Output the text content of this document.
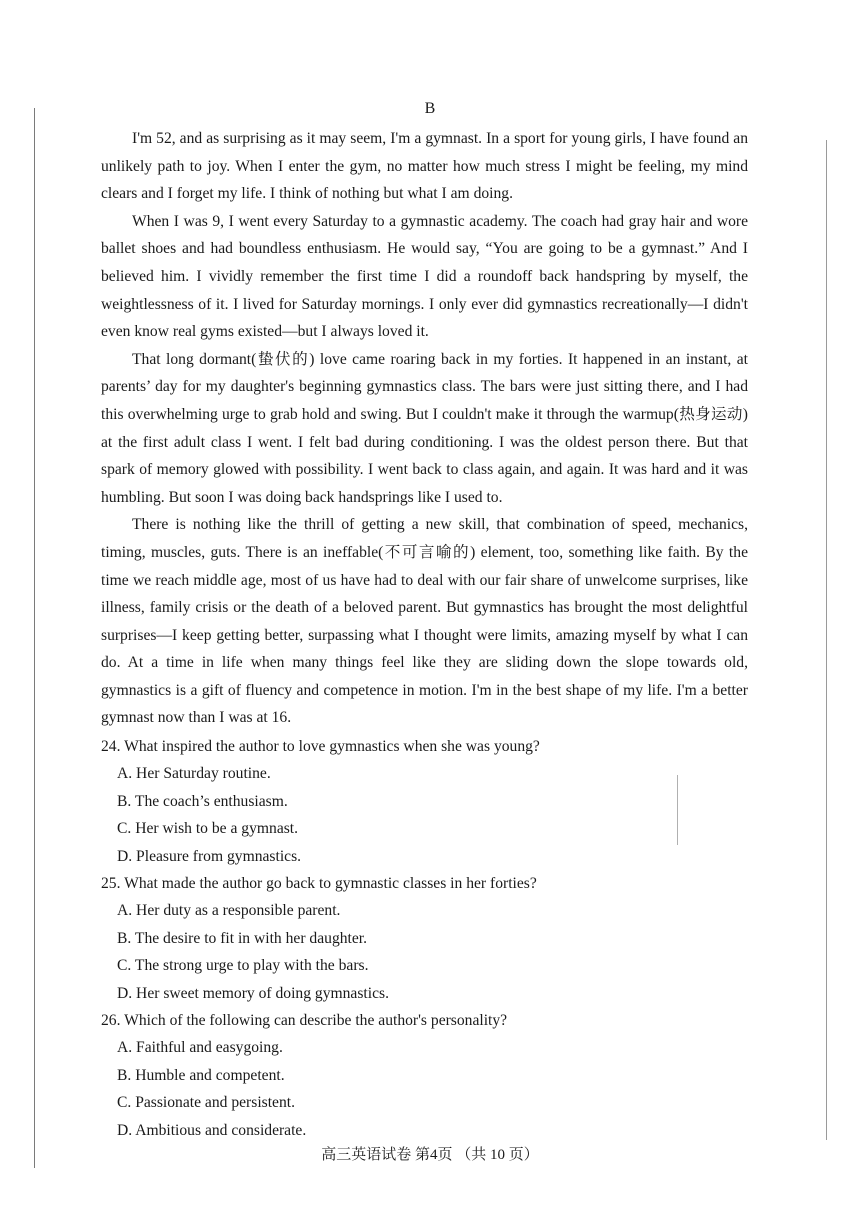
B

I'm 52, and as surprising as it may seem, I'm a gymnast. In a sport for young girls, I have found an unlikely path to joy. When I enter the gym, no matter how much stress I might be feeling, my mind clears and I forget my life. I think of nothing but what I am doing.

When I was 9, I went every Saturday to a gymnastic academy. The coach had gray hair and wore ballet shoes and had boundless enthusiasm. He would say, “You are going to be a gymnast.” And I believed him. I vividly remember the first time I did a roundoff back handspring by myself, the weightlessness of it. I lived for Saturday mornings. I only ever did gymnastics recreationally—I didn't even know real gyms existed—but I always loved it.

That long dormant(蛰伏的) love came roaring back in my forties. It happened in an instant, at parents’ day for my daughter's beginning gymnastics class. The bars were just sitting there, and I had this overwhelming urge to grab hold and swing. But I couldn't make it through the warmup(热身运动) at the first adult class I went. I felt bad during conditioning. I was the oldest person there. But that spark of memory glowed with possibility. I went back to class again, and again. It was hard and it was humbling. But soon I was doing back handsprings like I used to.

There is nothing like the thrill of getting a new skill, that combination of speed, mechanics, timing, muscles, guts. There is an ineffable(不可言喻的) element, too, something like faith. By the time we reach middle age, most of us have had to deal with our fair share of unwelcome surprises, like illness, family crisis or the death of a beloved parent. But gymnastics has brought the most delightful surprises—I keep getting better, surpassing what I thought were limits, amazing myself by what I can do. At a time in life when many things feel like they are sliding down the slope towards old, gymnastics is a gift of fluency and competence in motion. I'm in the best shape of my life. I'm a better gymnast now than I was at 16.

24. What inspired the author to love gymnastics when she was young?
A. Her Saturday routine.
B. The coach’s enthusiasm.
C. Her wish to be a gymnast.
D. Pleasure from gymnastics.
25. What made the author go back to gymnastic classes in her forties?
A. Her duty as a responsible parent.
B. The desire to fit in with her daughter.
C. The strong urge to play with the bars.
D. Her sweet memory of doing gymnastics.
26. Which of the following can describe the author's personality?
A. Faithful and easygoing.
B. Humble and competent.
C. Passionate and persistent.
D. Ambitious and considerate.
高三英语试卷 第4页 （共 10 页）
